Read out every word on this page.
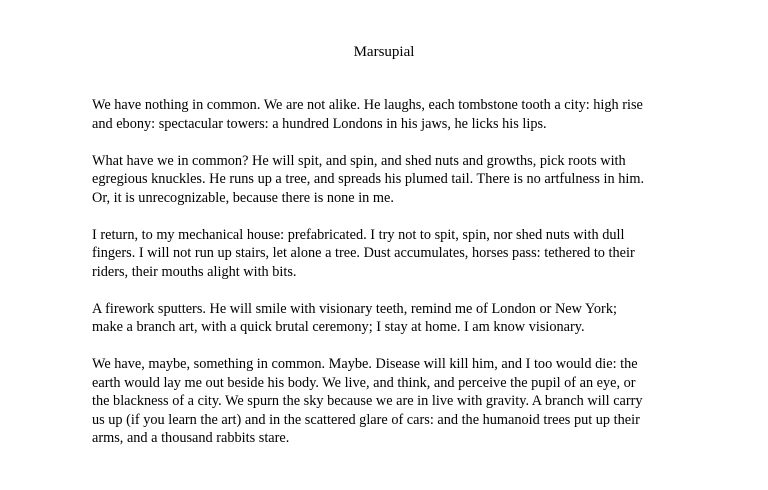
Marsupial

We have nothing in common. We are not alike. He laughs, each tombstone tooth a city: high rise
and ebony: spectacular towers: a hundred Londons in his jaws, he licks his lips.

What have we in common? He will spit, and spin, and shed nuts and growths, pick roots with
egregious knuckles. He runs up a tree, and spreads his plumed tail. There is no artfulness in him.
Or, it is unrecognizable, because there is none in me.

I return, to my mechanical house: prefabricated. I try not to spit, spin, nor shed nuts with dull
fingers. I will not run up stairs, let alone a tree. Dust accumulates, horses pass: tethered to their
riders, their mouths alight with bits.

A firework sputters. He will smile with visionary teeth, remind me of London or New York;
make a branch art, with a quick brutal ceremony; I stay at home. I am know visionary.

We have, maybe, something in common. Maybe. Disease will kill him, and I too would die: the
earth would lay me out beside his body. We live, and think, and perceive the pupil of an eye, or
the blackness of a city. We spurn the sky because we are in live with gravity. A branch will carry
us up (if you learn the art) and in the scattered glare of cars: and the humanoid trees put up their
arms, and a thousand rabbits stare.
